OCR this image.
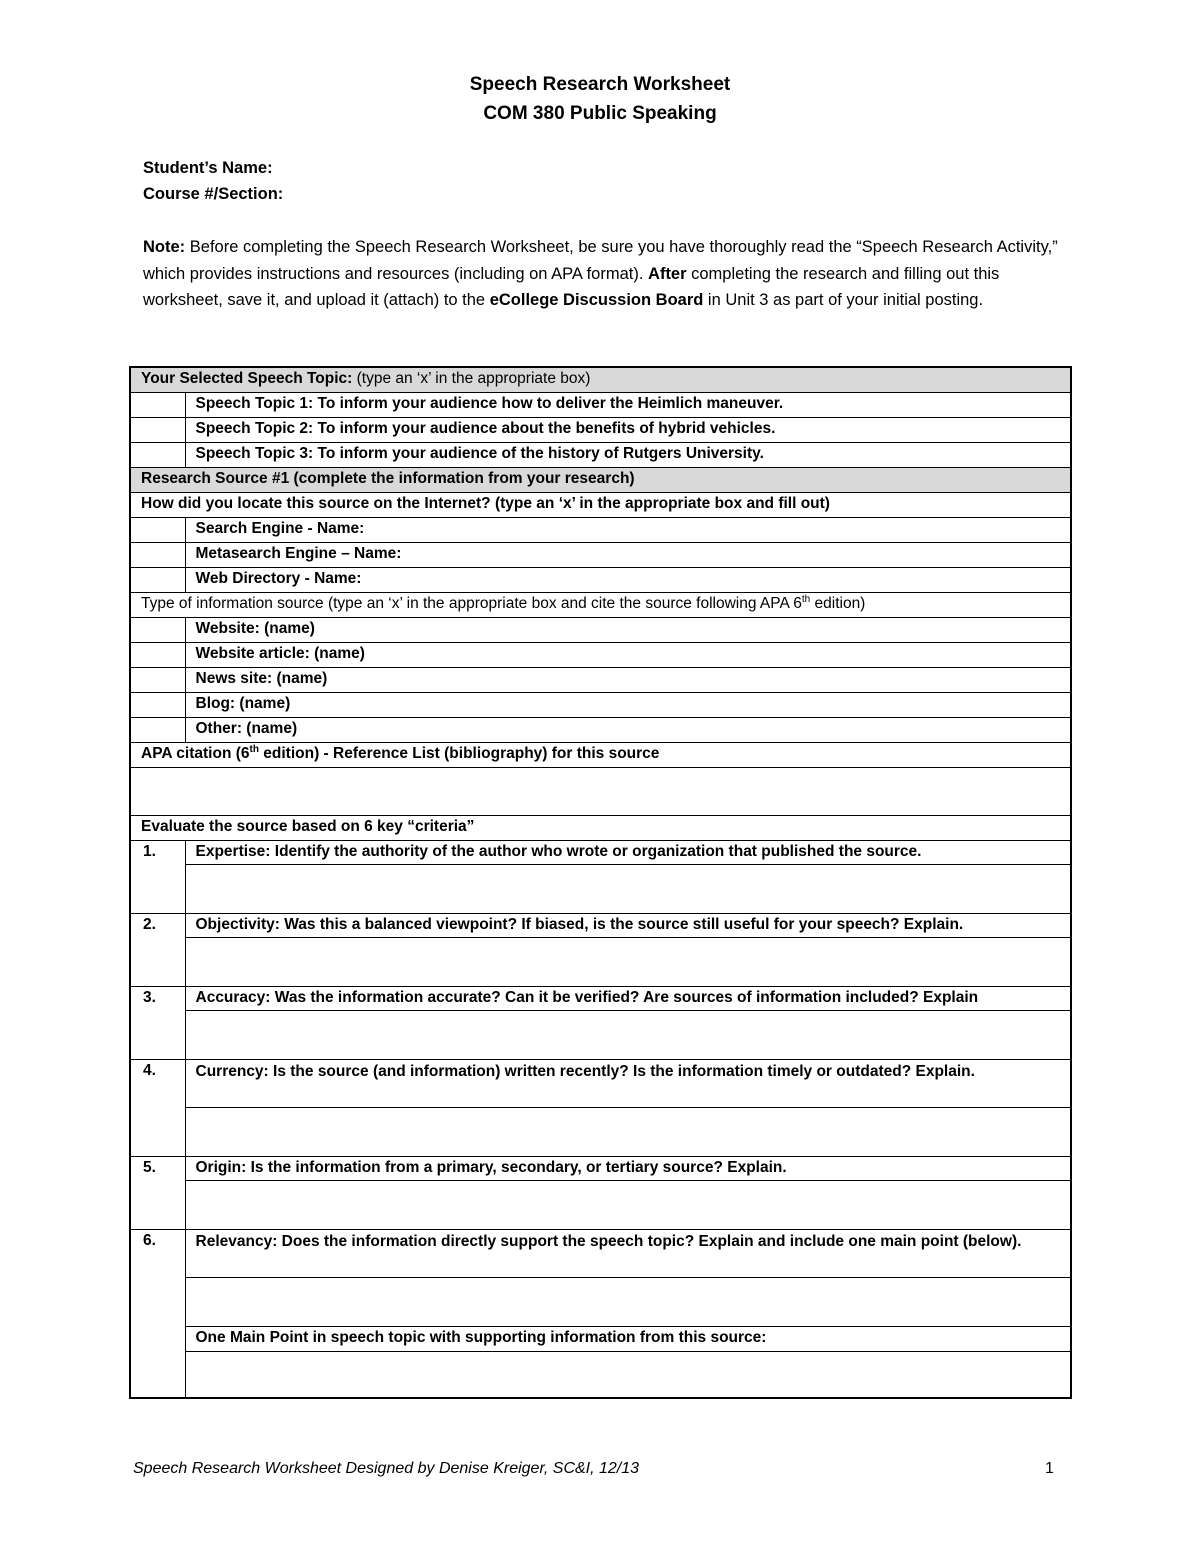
Speech Research Worksheet
COM 380 Public Speaking
Student’s Name:
Course #/Section:
Note: Before completing the Speech Research Worksheet, be sure you have thoroughly read the “Speech Research Activity,” which provides instructions and resources (including on APA format). After completing the research and filling out this worksheet, save it, and upload it (attach) to the eCollege Discussion Board in Unit 3 as part of your initial posting.
Your Selected Speech Topic: (type an ‘x’ in the appropriate box)	
	Speech Topic 1: To inform your audience how to deliver the Heimlich maneuver.
	Speech Topic 2: To inform your audience about the benefits of hybrid vehicles.
	Speech Topic 3: To inform your audience of the history of Rutgers University.
Research Source #1 (complete the information from your research)	
How did you locate this source on the Internet? (type an ‘x’ in the appropriate box and fill out)	
	Search Engine - Name:
	Metasearch Engine – Name:
	Web Directory - Name:
Type of information source (type an ‘x’ in the appropriate box and cite the source following APA 6th edition)	
	Website: (name)
	Website article: (name)
	News site: (name)
	Blog: (name)
	Other: (name)
APA citation (6th edition) - Reference List (bibliography) for this source	

Evaluate the source based on 6 key “criteria”	
1.	Expertise: Identify the authority of the author who wrote or organization that published the source.

2.	Objectivity: Was this a balanced viewpoint? If biased, is the source still useful for your speech? Explain.

3.	Accuracy: Was the information accurate? Can it be verified? Are sources of information included? Explain

4.	Currency: Is the source (and information) written recently? Is the information timely or outdated? Explain.

5.	Origin: Is the information from a primary, secondary, or tertiary source? Explain.

6.	Relevancy: Does the information directly support the speech topic? Explain and include one main point (below).

	One Main Point in speech topic with supporting information from this source:

Speech Research Worksheet Designed by Denise Kreiger, SC&I, 12/13	1
